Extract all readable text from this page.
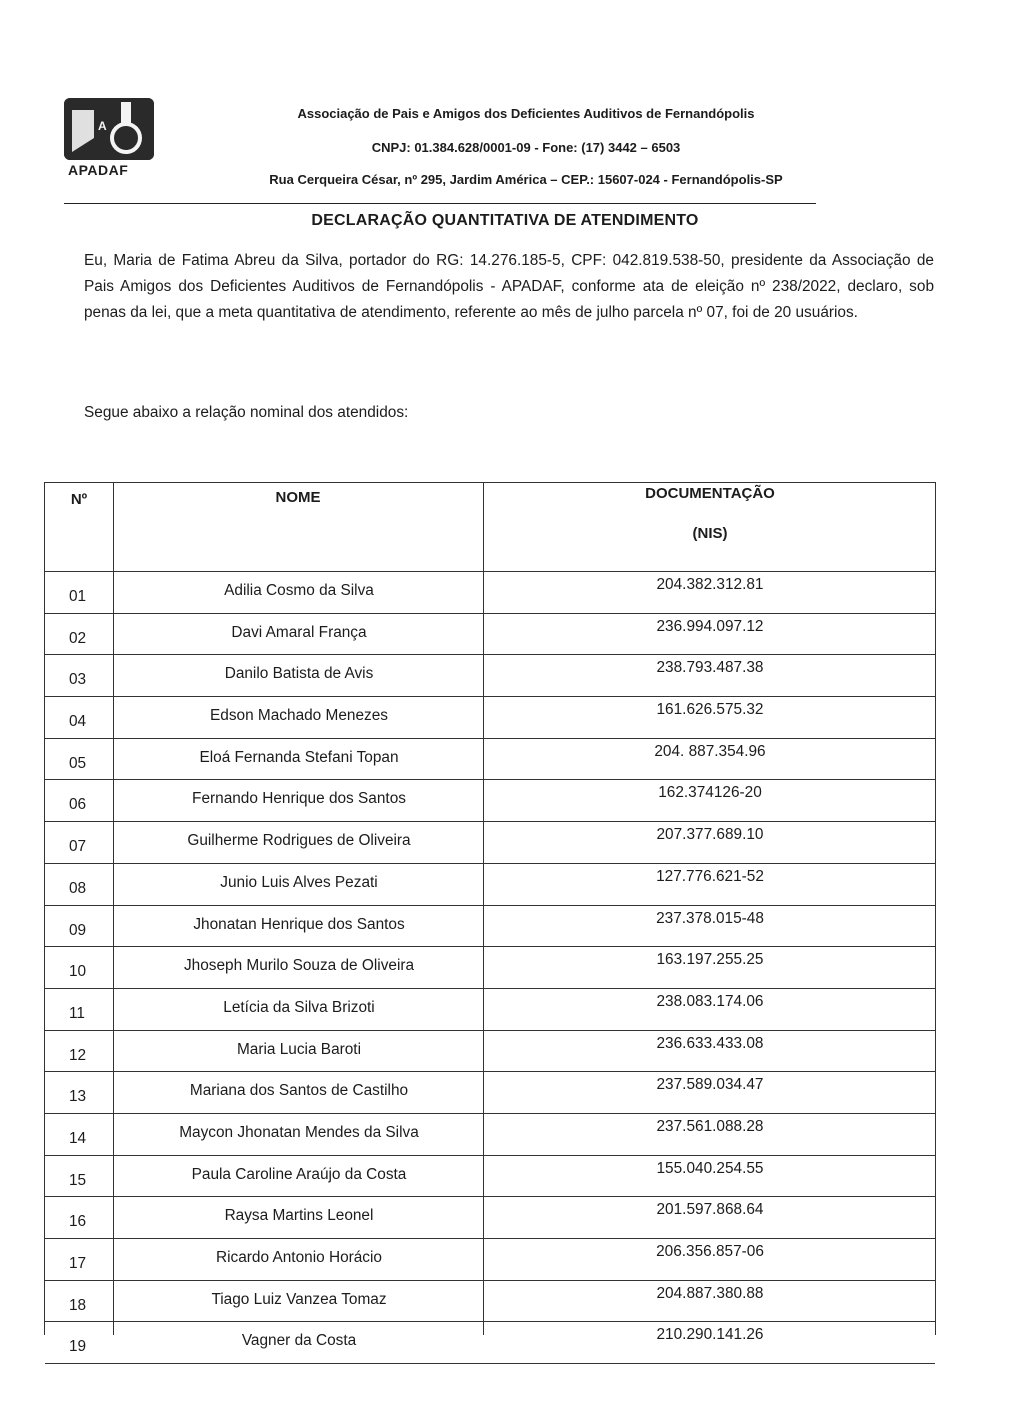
A
APADAF
Associação de Pais e Amigos dos Deficientes Auditivos de Fernandópolis
CNPJ: 01.384.628/0001-09 - Fone: (17) 3442 – 6503
Rua Cerqueira César, nº 295, Jardim América – CEP.: 15607-024 - Fernandópolis-SP
DECLARAÇÃO QUANTITATIVA DE ATENDIMENTO
Eu, Maria de Fatima Abreu da Silva, portador do RG: 14.276.185-5, CPF: 042.819.538-50, presidente da Associação de Pais Amigos dos Deficientes Auditivos de Fernandópolis - APADAF, conforme ata de eleição nº 238/2022, declaro, sob penas da lei, que a meta quantitativa de atendimento, referente ao mês de julho parcela nº 07, foi de 20 usuários.
Segue abaixo a relação nominal dos atendidos:
Nº	NOME	DOCUMENTAÇÃO
(NIS)
01	Adilia Cosmo da Silva	204.382.312.81
02	Davi Amaral França	236.994.097.12
03	Danilo Batista de Avis	238.793.487.38
04	Edson Machado Menezes	161.626.575.32
05	Eloá Fernanda Stefani Topan	204. 887.354.96
06	Fernando Henrique dos Santos	162.374126-20
07	Guilherme Rodrigues de Oliveira	207.377.689.10
08	Junio Luis Alves Pezati	127.776.621-52
09	Jhonatan Henrique dos Santos	237.378.015-48
10	Jhoseph Murilo Souza de Oliveira	163.197.255.25
11	Letícia da Silva Brizoti	238.083.174.06
12	Maria Lucia Baroti	236.633.433.08
13	Mariana dos Santos de Castilho	237.589.034.47
14	Maycon Jhonatan Mendes da Silva	237.561.088.28
15	Paula Caroline Araújo da Costa	155.040.254.55
16	Raysa Martins Leonel	201.597.868.64
17	Ricardo Antonio Horácio	206.356.857-06
18	Tiago Luiz Vanzea Tomaz	204.887.380.88
19	Vagner da Costa	210.290.141.26
